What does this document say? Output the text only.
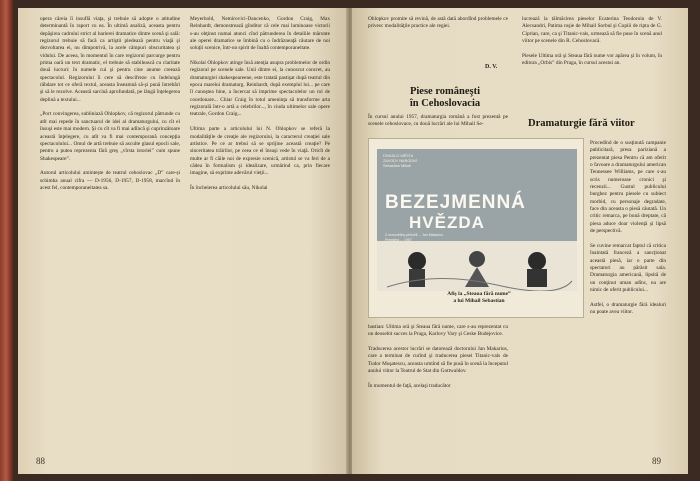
opera căreia îi insuflă viaţa, şi trebuie să adopte o atitudine determinantă în raport cu ea. În ultimă analiză, aceasta pentru depăşirea cadrului strict al barierei dramatice dintre scenă şi sală: regizorul trebuie să facă ca artiştii pledează pentru viaţă şi dezvoltarea ei, nu dimpotrivă, la acele câmpuri obscuritatea şi vidului. De aceea, în momentul în care regizorul parcurge pentru prima oară un text dramatic, el trebuie să stabilească cu claritate două lucruri: în numele cui şi pentru cine anume creează spectacolul. Regizorului îi cere să descifreze cu îndelungă răbdare tot ce oferă textul, aceasta înseamnă să-şi pună întrebări şi să le rezolve. Această sarcină aprofundată, pe lângă înţelegerea deplină a textului...

„Port convingerea, subliniază Ohlopkov, că regizorul pătrunde cu atît mai repede în sanctuarul de idei al dramaturgului, cu cît el însuşi este mai modern. Şi cu cît va fi mai adîncă şi cuprinzătoare această înţelegere, cu atît va fi mai contemporană concepţia spectacolului... Omul de artă trebuie să asculte glasul epocii sale, pentru a putea reprezenta fără greş „vîrsta istoriei” cum spune Shakespeare”.

Autorul articolului amintește de teatrul cehoslovac „D” care-și schimba anual cifra — D-1956, D-1957, D-1958, marcînd în acest fel, contemporaneitatea sa.
Meyerhold, Nemirovici-Dancenko, Gordon Craig, Max Reinhardt, demonstrează gînditor că cele mai luminoase victorii s-au obţinut numai atunci cînd pătrunderea în detaliile mărunte ale operei dramatice se îmbină cu o îndrăzneaţă căutare de noi soluţii scenice, într-un spirit de înaltă contemporaneitate.

Nikolai Ohlopkov atinge însă atenţia asupra problemelor de ordin regizoral pe scenele sale. Unii dintre ei, la cunoscut concret, au dramaturgiei shakespeareene, este tratată pastişat după teatrul din epoca marelui dramaturg. Reinhardt, după exemplul lui... pe care îl cunoştea bine, a încercat să imprime spectacolelor un rol de coordonare... Chiar Craig în totul ameninţa să transforme arta regizorală într-o artă a celebrilor..., în ciuda ultimelor sale opere teatrale, Gordon Craig...

Ultima parte a articolului lui N. Ohlopkov se referă la modalităţile de creaţie ale regizorului, la caracterul creaţiei sale artistice. Pe ce ar trebui să se sprijine această creaţie? Pe sinceritatea trăirilor, pe ceea ce el însuşi vede în viaţă. Oricît de multe ar fi căile noi de expresie scenică, artistul se va feri de a cădea în formalism şi idealizare, urmărind ca, prin fiecare imagine, să exprime adevărul vieţii...

În încheierea articolului său, Nikolai
88
Ohlopkov promite să revină, de astă dată abordînd problemele ce privesc modalităţile practice ale regiei.
D. V.
Piese româneşti
în Cehoslovacia
În cursul anului 1957, dramaturgia română a fost prezentă pe scenele cehoslovace, cu două lucrări ale lui Mihail Se-
DIVADLO MĚSTA
ZAVODY NARODNÍ
Sebastian Mihail
BEZEJMENNÁ
HVĚZDA
Z rumunštiny přeložil ... Jan Makarius
Premiéra ... 1957
Afiş la „Steaua fără nume”
a lui Mihail Sebastian
bastian: Ultima oră şi Steaua fără nume, care s-au reprezentat cu un deosebit succes la Praga, Karlovy Vary şi Ceske Budejovice.

Traducerea acestor lucrări se datorează doctorului Jan Makarius, care a terminat de curînd şi traducerea piesei Titanic-vals de Tudor Muşatescu, aceasta urmînd să fie pusă în scenă la începutul anului viitor la Teatrul de Stat din Gottwaldov.

În momentul de faţă, acelaşi traducător
lucrează la tălmăcirea pieselor Ecaterina Teodoroiu de V. Alecsandri, Patima roşie de Mihail Sorbul şi Copiii de ripta de G. Ciprian, care, ca şi Titanic-vals, urmează să fie puse în scenă anul viitor pe scenele din R. Cehoslovacă.

Piesele Ultima oră şi Steaua fără nume vor apărea şi în volum, în editura „Orbis” din Praga, în cursul acestui an.
Dramaturgie fără viitor
Procedînd de o susţinută campanie publicitară, presa pariziană a prezentat piesa Pentru că am oferit o favoare a dramaturgului american Tennessee Williams, pe care s-au scris numeroase cronici şi recenzii... Gustul publicului burghez pentru piesele cu subiect morbid, cu personaje degradate, face din aceasta o piesă căutată. Un critic remarca, pe bună dreptate, că piesa aduce doar violenţă şi lipsă de perspectivă.

Se cuvine remarcat faptul că critica înaintată franceză a sancţionat această piesă, iar o parte din spectatori au părăsit sala. Dramaturgia americană, lipsită de un conţinut uman adînc, nu are nimic de oferit publicului...

Astfel, o dramaturgie fără idealuri nu poate avea viitor.
89
